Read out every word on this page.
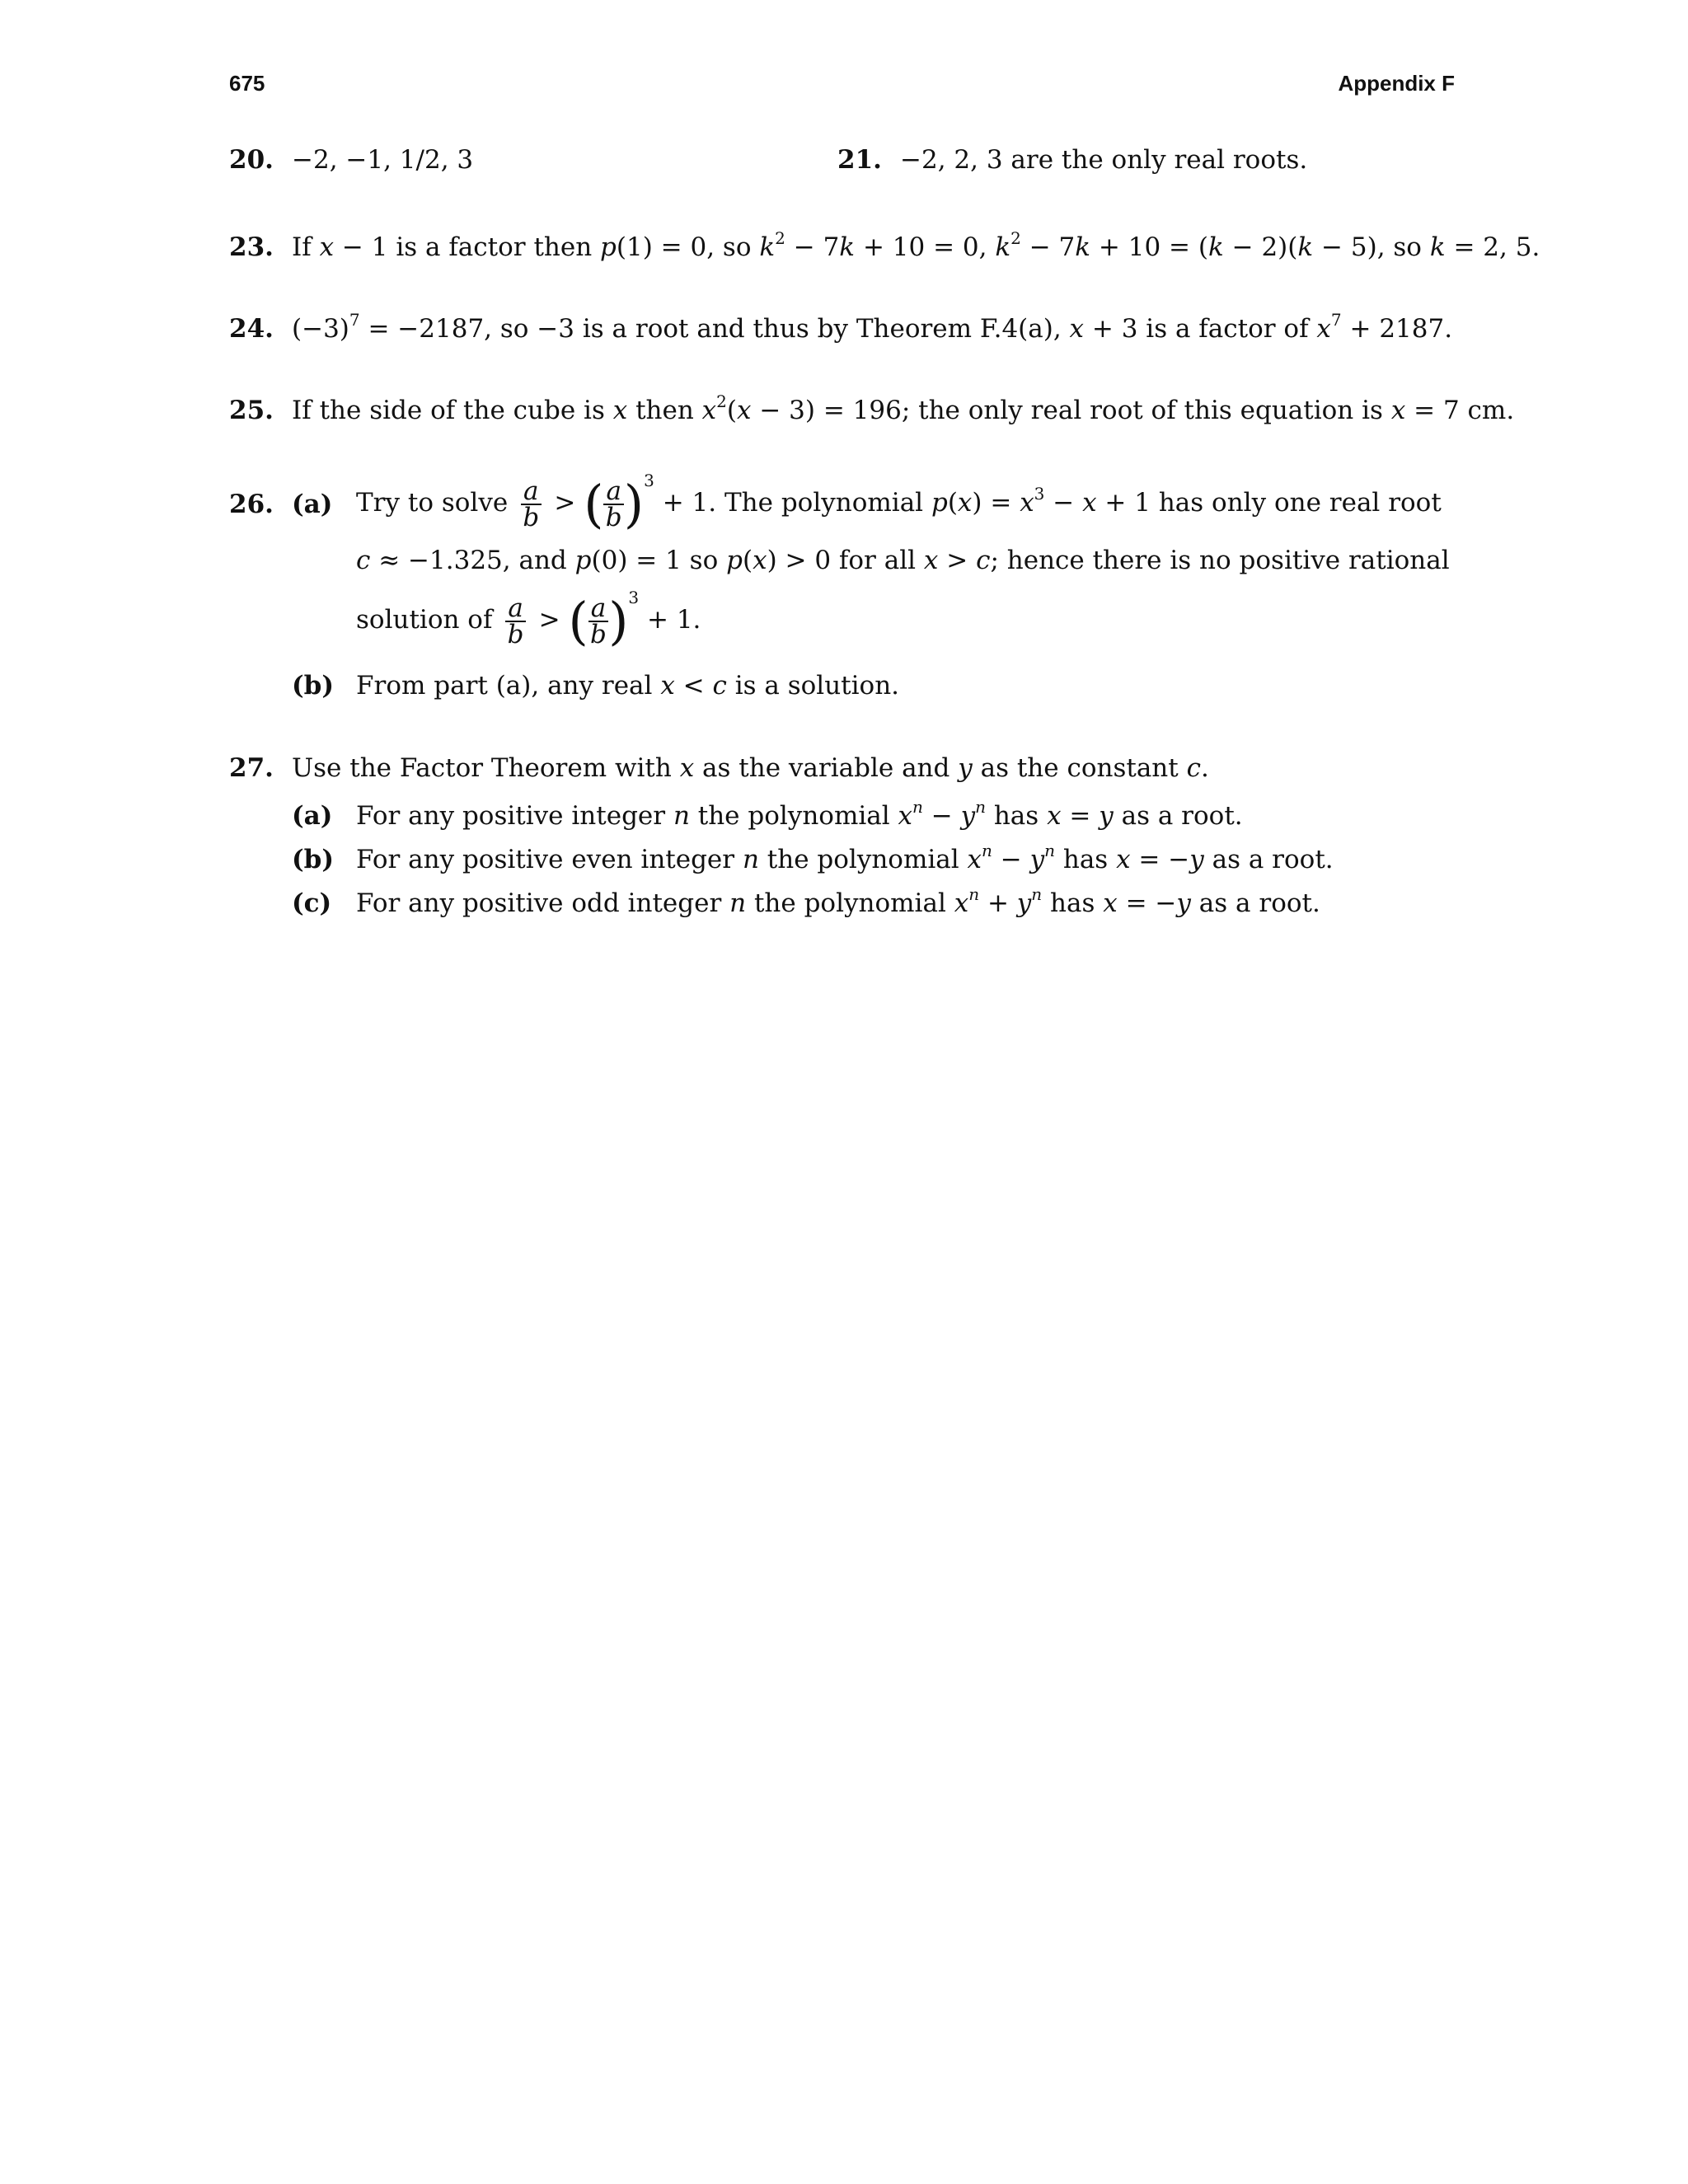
675	Appendix F
20. −2, −1, 1/2, 3	21. −2, 2, 3 are the only real roots.
23. If x − 1 is a factor then p(1) = 0, so $k^2 - 7k + 10 = 0$, $k^2 - 7k + 10 = (k - 2)(k - 5)$, so k = 2, 5.
24. $(-3)^7 = -2187$, so −3 is a root and thus by Theorem F.4(a), x + 3 is a factor of $x^7 + 2187$.
25. If the side of the cube is x then $x^2(x - 3) = 196$; the only real root of this equation is x = 7 cm.
26. (a) Try to solve $\frac{a}{b}$ > ( $\frac{a}{b} )3 + 1$. The polynomial $p(x) = x^3 - x + 1$ has only one real root
c ≈ −1.325, and p(0) = 1 so p(x) > 0 for all x > c; hence there is no positive rational
solution of $\frac{a}{b}$ > ( $\frac{a}{b} )3 + 1$.
(b) From part (a), any real x < c is a solution.
27. Use the Factor Theorem with x as the variable and y as the constant c.
(a) For any positive integer n the polynomial $x^n - y^n$ has x = y as a root.
(b) For any positive even integer n the polynomial $x^n - y^n$ has x = −y as a root.
(c) For any positive odd integer n the polynomial $x^n + y^n$ has x = −y as a root.
